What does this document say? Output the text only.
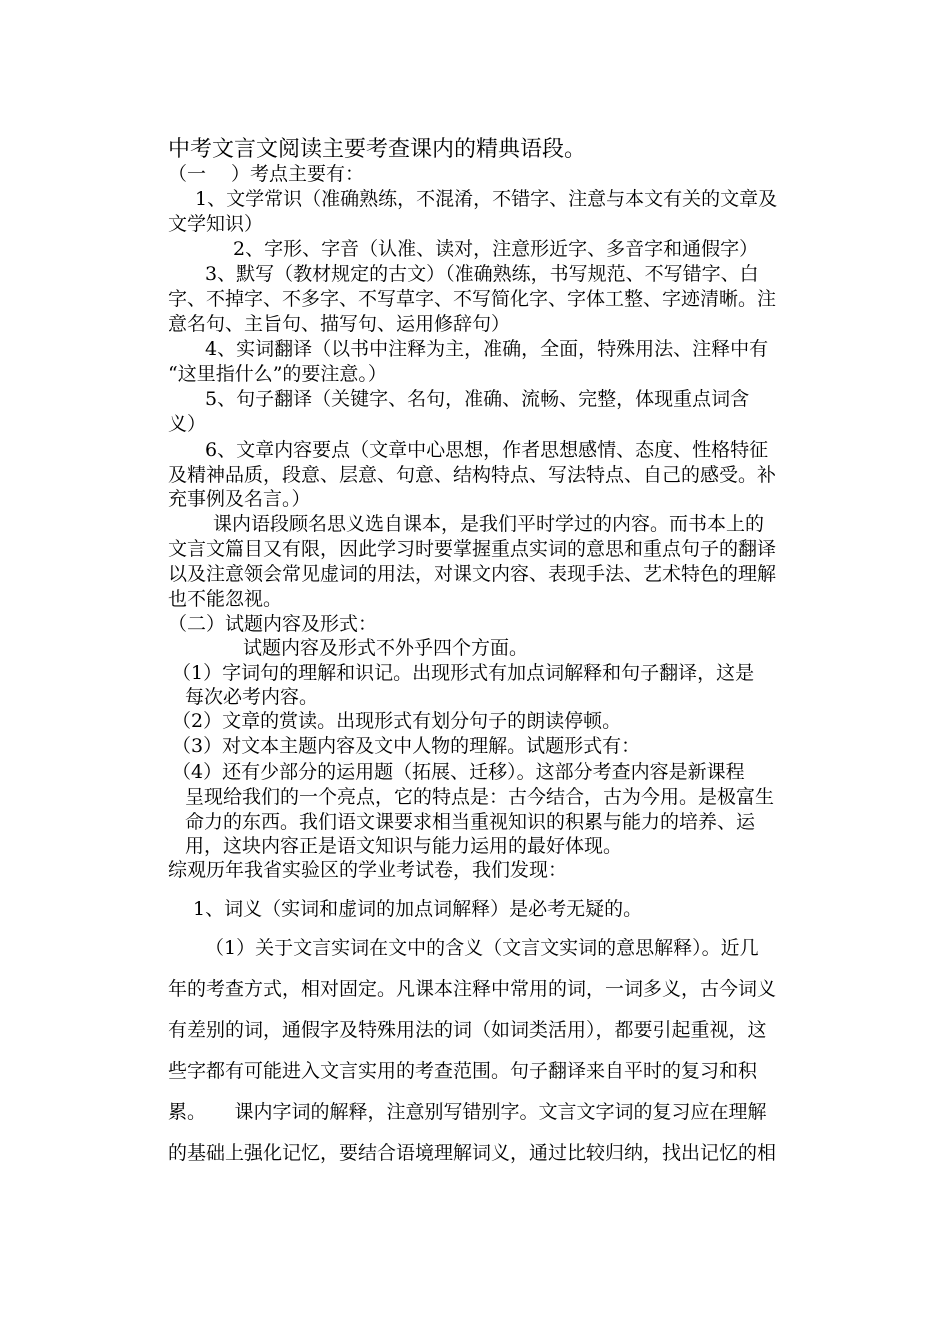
中考文言文阅读主要考查课内的精典语段。
（一　 ）考点主要有：
1、文学常识（准确熟练，不混淆，不错字、注意与本文有关的文章及
文学知识）
2、字形、字音（认准、读对，注意形近字、多音字和通假字）
3、默写（教材规定的古文）（准确熟练，书写规范、不写错字、白
字、不掉字、不多字、不写草字、不写简化字、字体工整、字迹清晰。注
意名句、主旨句、描写句、运用修辞句）
4、实词翻译（以书中注释为主，准确，全面，特殊用法、注释中有
“这里指什么”的要注意。）
5、句子翻译（关键字、名句，准确、流畅、完整，体现重点词含
义）
6、文章内容要点（文章中心思想，作者思想感情、态度、性格特征
及精神品质，段意、层意、句意、结构特点、写法特点、自己的感受。补
充事例及名言。）
课内语段顾名思义选自课本，是我们平时学过的内容。而书本上的
文言文篇目又有限，因此学习时要掌握重点实词的意思和重点句子的翻译
以及注意领会常见虚词的用法，对课文内容、表现手法、艺术特色的理解
也不能忽视。
（二）试题内容及形式：
试题内容及形式不外乎四个方面。
（1）字词句的理解和识记。出现形式有加点词解释和句子翻译，这是
每次必考内容。
（2）文章的赏读。出现形式有划分句子的朗读停顿。
（3）对文本主题内容及文中人物的理解。试题形式有：
（4）还有少部分的运用题（拓展、迁移）。这部分考查内容是新课程
呈现给我们的一个亮点，它的特点是：古今结合，古为今用。是极富生
命力的东西。我们语文课要求相当重视知识的积累与能力的培养、运
用，这块内容正是语文知识与能力运用的最好体现。
综观历年我省实验区的学业考试卷，我们发现：
1、词义（实词和虚词的加点词解释）是必考无疑的。
（1）关于文言实词在文中的含义（文言文实词的意思解释）。近几
年的考查方式，相对固定。凡课本注释中常用的词，一词多义，古今词义
有差别的词，通假字及特殊用法的词（如词类活用），都要引起重视，这
些字都有可能进入文言实用的考查范围。句子翻译来自平时的复习和积
累。　　课内字词的解释，注意别写错别字。文言文字词的复习应在理解
的基础上强化记忆，要结合语境理解词义，通过比较归纳，找出记忆的相
